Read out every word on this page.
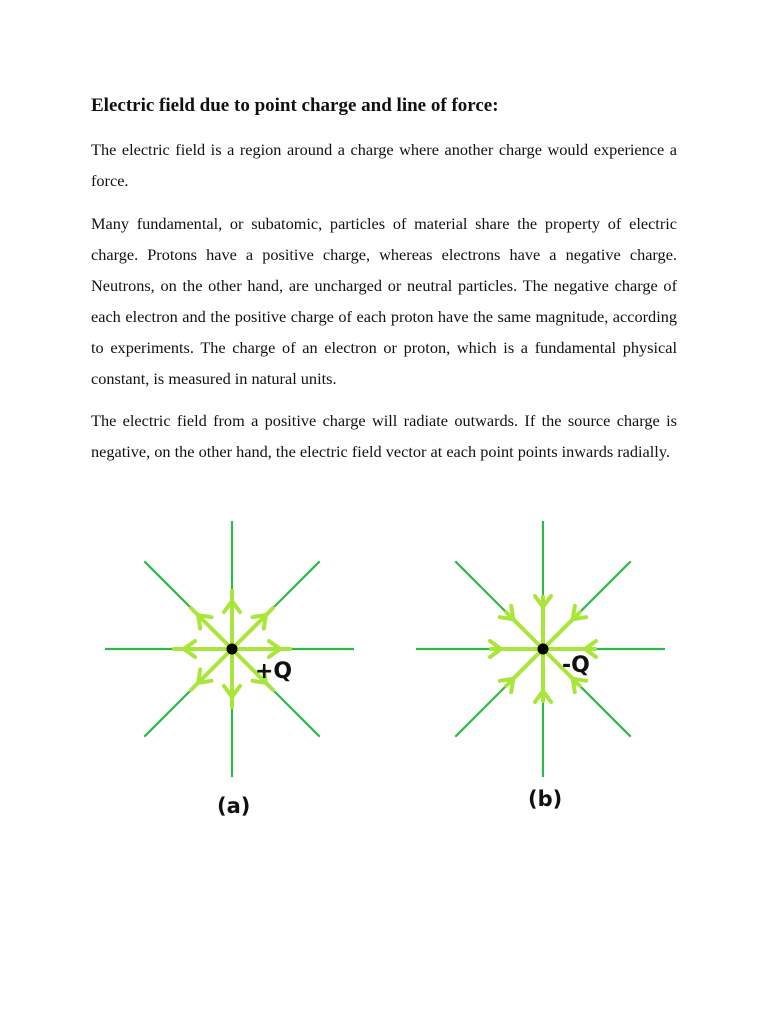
Electric field due to point charge and line of force:

The electric field is a region around a charge where another charge would experience a force.

Many fundamental, or subatomic, particles of material share the property of electric charge. Protons have a positive charge, whereas electrons have a negative charge. Neutrons, on the other hand, are uncharged or neutral particles. The negative charge of each electron and the positive charge of each proton have the same magnitude, according to experiments. The charge of an electron or proton, which is a fundamental physical constant, is measured in natural units.

The electric field from a positive charge will radiate outwards. If the source charge is negative, on the other hand, the electric field vector at each point points inwards radially.

+Q	-Q
(a)	(b)
